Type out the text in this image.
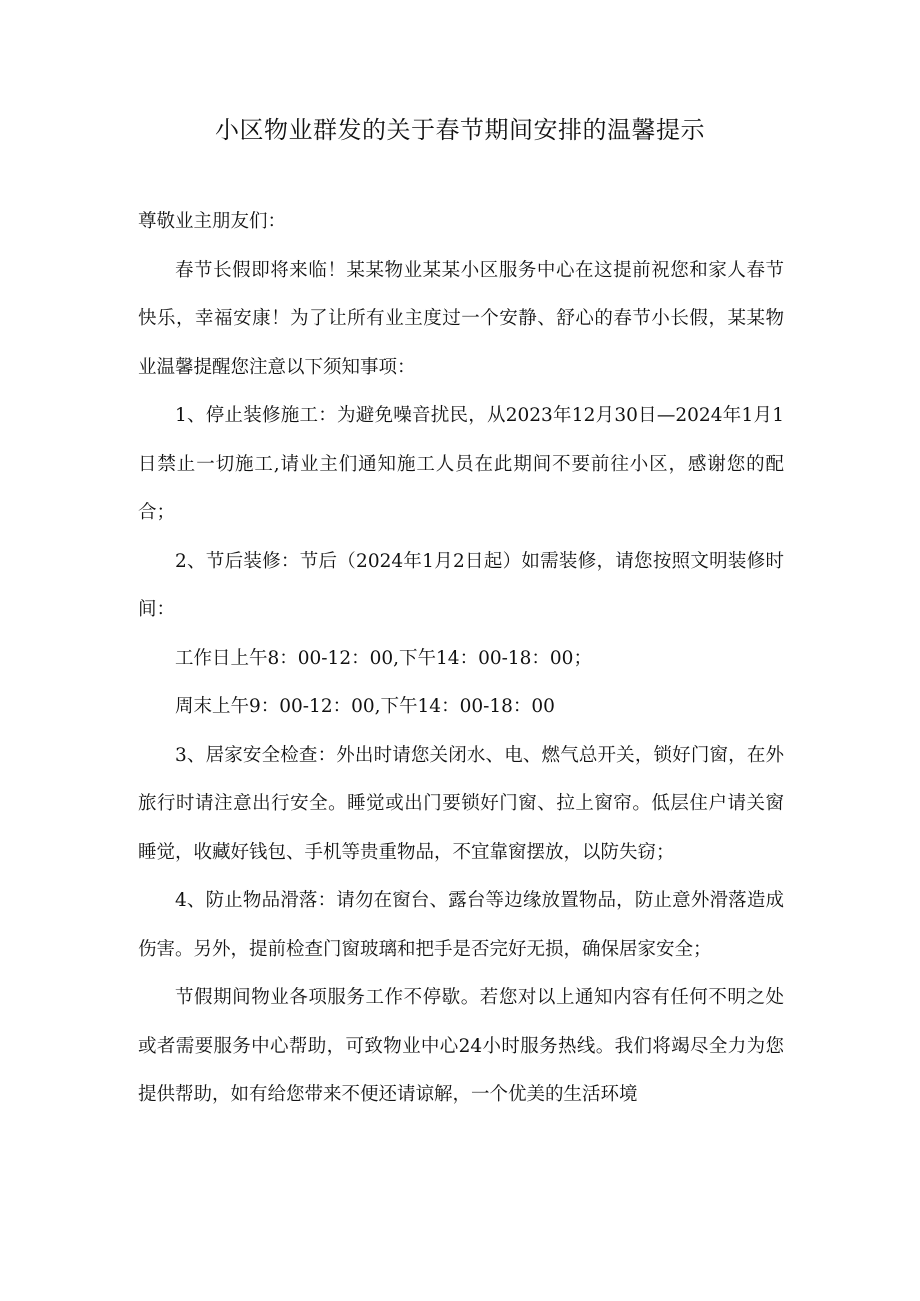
小区物业群发的关于春节期间安排的温馨提示

尊敬业主朋友们：

春节长假即将来临！某某物业某某小区服务中心在这提前祝您和家人春节快乐，幸福安康！为了让所有业主度过一个安静、舒心的春节小长假，某某物业温馨提醒您注意以下须知事项：

1、停止装修施工：为避免噪音扰民，从2023年12月30日—2024年1月1日禁止一切施工,请业主们通知施工人员在此期间不要前往小区，感谢您的配合；

2、节后装修：节后（2024年1月2日起）如需装修，请您按照文明装修时间：

工作日上午8：00-12：00,下午14：00-18：00；

周末上午9：00-12：00,下午14：00-18：00

3、居家安全检查：外出时请您关闭水、电、燃气总开关，锁好门窗，在外旅行时请注意出行安全。睡觉或出门要锁好门窗、拉上窗帘。低层住户请关窗睡觉，收藏好钱包、手机等贵重物品，不宜靠窗摆放，以防失窃；

4、防止物品滑落：请勿在窗台、露台等边缘放置物品，防止意外滑落造成伤害。另外，提前检查门窗玻璃和把手是否完好无损，确保居家安全；

节假期间物业各项服务工作不停歇。若您对以上通知内容有任何不明之处或者需要服务中心帮助，可致物业中心24小时服务热线。我们将竭尽全力为您提供帮助，如有给您带来不便还请谅解，一个优美的生活环境
